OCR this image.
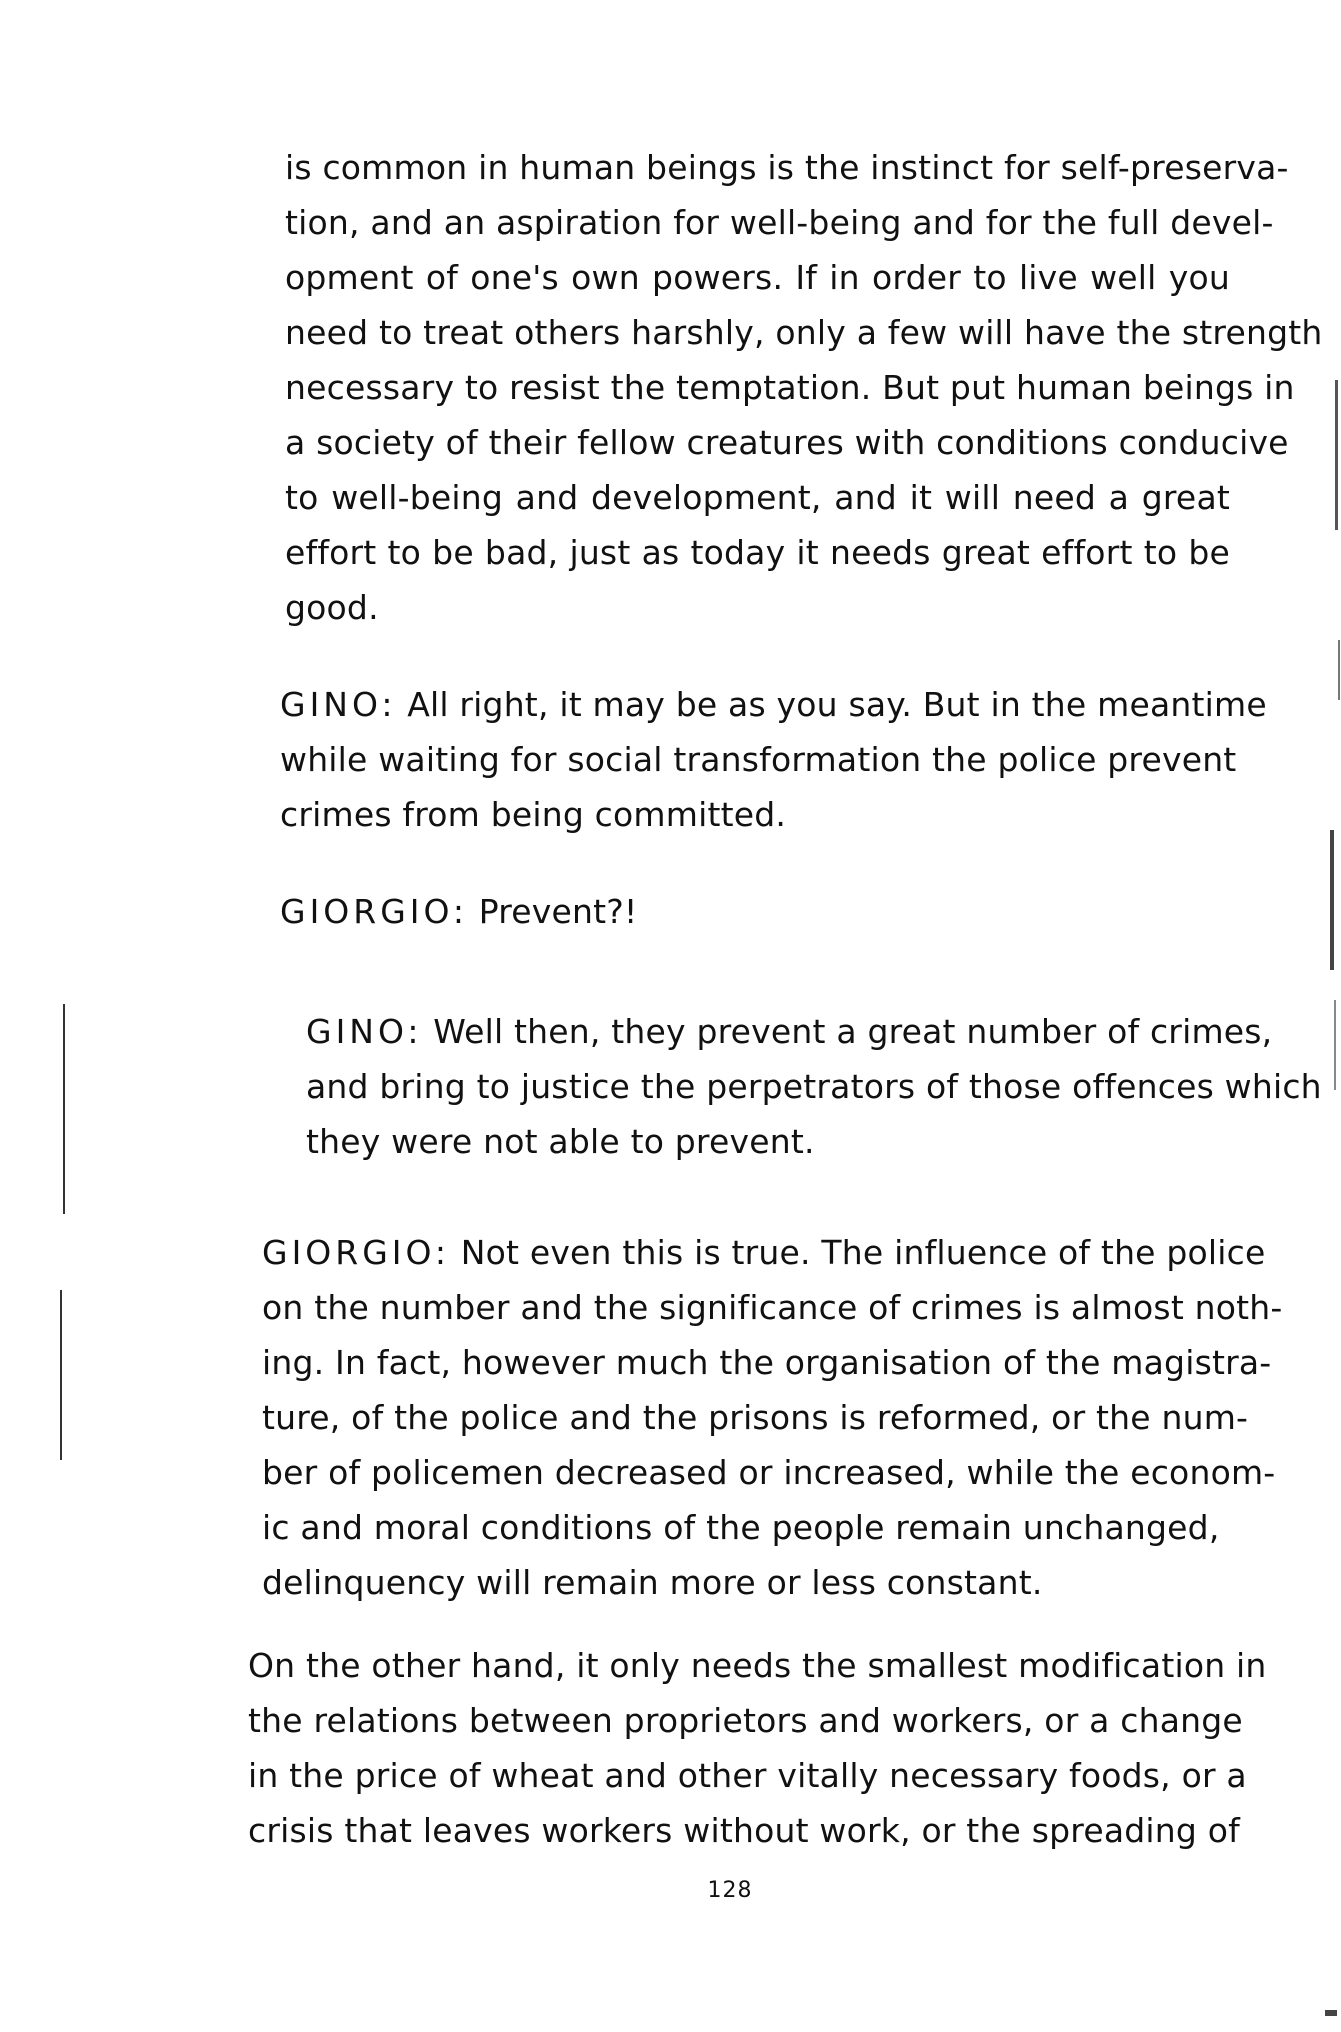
is common in human beings is the instinct for self-preserva-
tion, and an aspiration for well-being and for the full devel-
opment of one's own powers. If in order to live well you
need to treat others harshly, only a few will have the strength
necessary to resist the temptation. But put human beings in
a society of their fellow creatures with conditions conducive
to well-being and development, and it will need a great
effort to be bad, just as today it needs great effort to be
good.
GINO: All right, it may be as you say. But in the meantime
while waiting for social transformation the police prevent
crimes from being committed.
GIORGIO: Prevent?!
GINO: Well then, they prevent a great number of crimes,
and bring to justice the perpetrators of those offences which
they were not able to prevent.
GIORGIO: Not even this is true. The influence of the police
on the number and the significance of crimes is almost noth-
ing. In fact, however much the organisation of the magistra-
ture, of the police and the prisons is reformed, or the num-
ber of policemen decreased or increased, while the econom-
ic and moral conditions of the people remain unchanged,
delinquency will remain more or less constant.
On the other hand, it only needs the smallest modification in
the relations between proprietors and workers, or a change
in the price of wheat and other vitally necessary foods, or a
crisis that leaves workers without work, or the spreading of
128
